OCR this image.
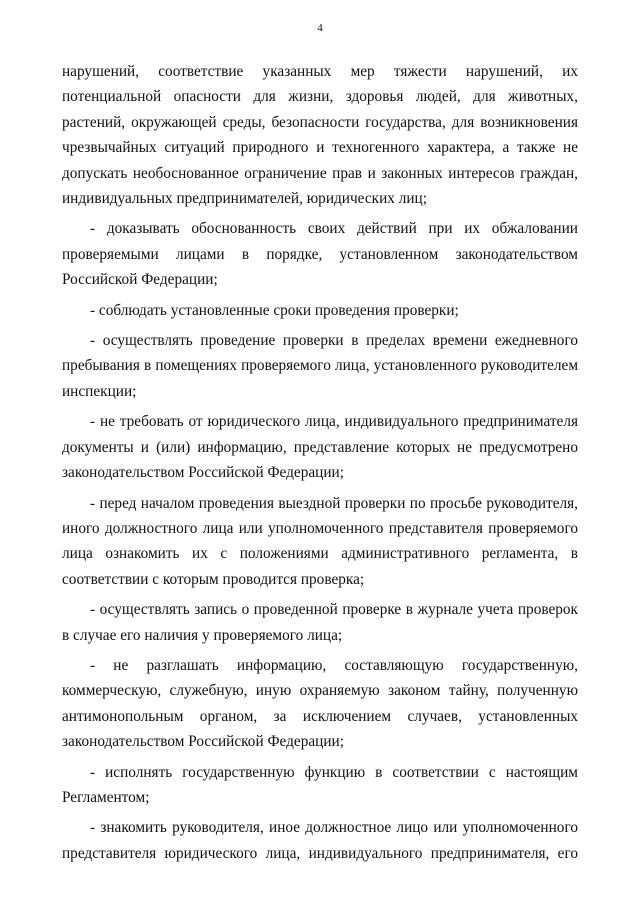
4

нарушений, соответствие указанных мер тяжести нарушений, их потенциальной опасности для жизни, здоровья людей, для животных, растений, окружающей среды, безопасности государства, для возникновения чрезвычайных ситуаций природного и техногенного характера, а также не допускать необоснованное ограничение прав и законных интересов граждан, индивидуальных предпринимателей, юридических лиц;

- доказывать обоснованность своих действий при их обжаловании проверяемыми лицами в порядке, установленном законодательством Российской Федерации;

- соблюдать установленные сроки проведения проверки;

- осуществлять проведение проверки в пределах времени ежедневного пребывания в помещениях проверяемого лица, установленного руководителем инспекции;

- не требовать от юридического лица, индивидуального предпринимателя документы и (или) информацию, представление которых не предусмотрено законодательством Российской Федерации;

- перед началом проведения выездной проверки по просьбе руководителя, иного должностного лица или уполномоченного представителя проверяемого лица ознакомить их с положениями административного регламента, в соответствии с которым проводится проверка;

- осуществлять запись о проведенной проверке в журнале учета проверок в случае его наличия у проверяемого лица;

- не разглашать информацию, составляющую государственную, коммерческую, служебную, иную охраняемую законом тайну, полученную антимонопольным органом, за исключением случаев, установленных законодательством Российской Федерации;

- исполнять государственную функцию в соответствии с настоящим Регламентом;

- знакомить руководителя, иное должностное лицо или уполномоченного представителя юридического лица, индивидуального предпринимателя, его
